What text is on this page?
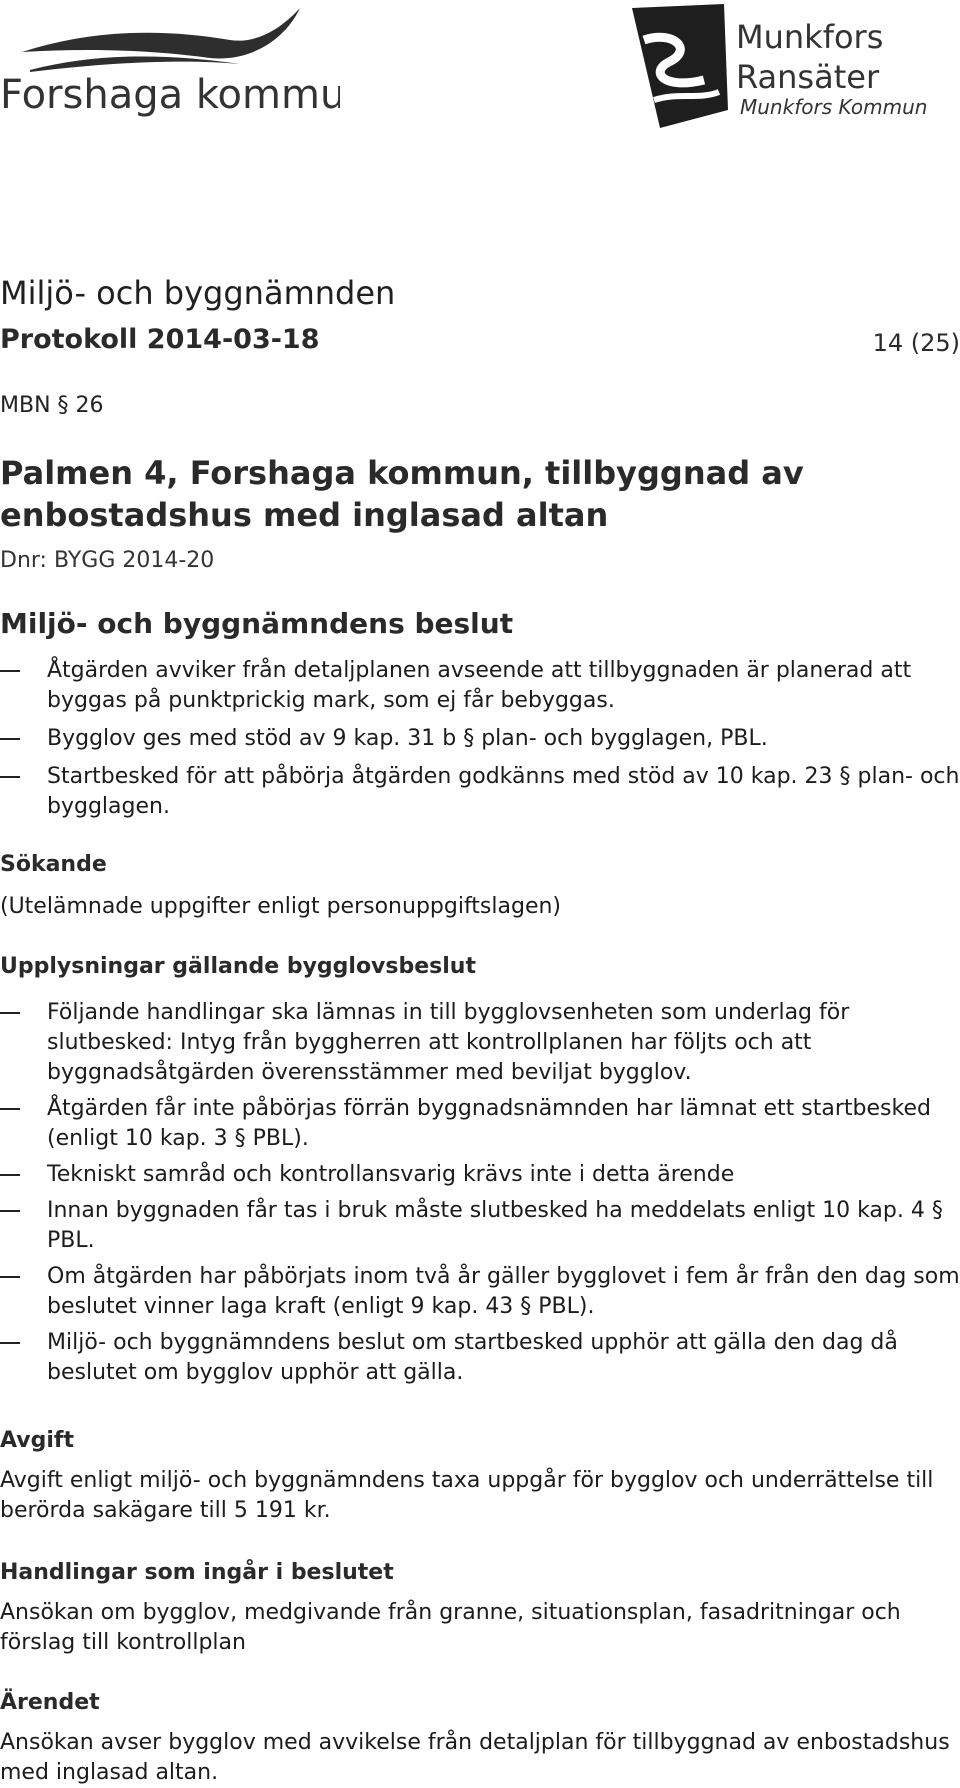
Forshaga kommun
Munkfors
Ransäter
Munkfors Kommun
Miljö- och byggnämnden
Protokoll 2014-03-18	14 (25)
MBN § 26
Palmen 4, Forshaga kommun, tillbyggnad av
enbostadshus med inglasad altan
Dnr: BYGG 2014-20
Miljö- och byggnämndens beslut
Åtgärden avviker från detaljplanen avseende att tillbyggnaden är planerad att byggas på punktprickig mark, som ej får bebyggas.
Bygglov ges med stöd av 9 kap. 31 b § plan- och bygglagen, PBL.
Startbesked för att påbörja åtgärden godkänns med stöd av 10 kap. 23 § plan- och bygglagen.
Sökande

(Utelämnade uppgifter enligt personuppgiftslagen)

Upplysningar gällande bygglovsbeslut
Följande handlingar ska lämnas in till bygglovsenheten som underlag för slutbesked: Intyg från byggherren att kontrollplanen har följts och att byggnadsåtgärden överensstämmer med beviljat bygglov.
Åtgärden får inte påbörjas förrän byggnadsnämnden har lämnat ett startbesked (enligt 10 kap. 3 § PBL).
Tekniskt samråd och kontrollansvarig krävs inte i detta ärende
Innan byggnaden får tas i bruk måste slutbesked ha meddelats enligt 10 kap. 4 § PBL.
Om åtgärden har påbörjats inom två år gäller bygglovet i fem år från den dag som beslutet vinner laga kraft (enligt 9 kap. 43 § PBL).
Miljö- och byggnämndens beslut om startbesked upphör att gälla den dag då beslutet om bygglov upphör att gälla.
Avgift

Avgift enligt miljö- och byggnämndens taxa uppgår för bygglov och underrättelse till berörda sakägare till 5 191 kr.

Handlingar som ingår i beslutet

Ansökan om bygglov, medgivande från granne, situationsplan, fasadritningar och förslag till kontrollplan

Ärendet

Ansökan avser bygglov med avvikelse från detaljplan för tillbyggnad av enbostadshus med inglasad altan.
